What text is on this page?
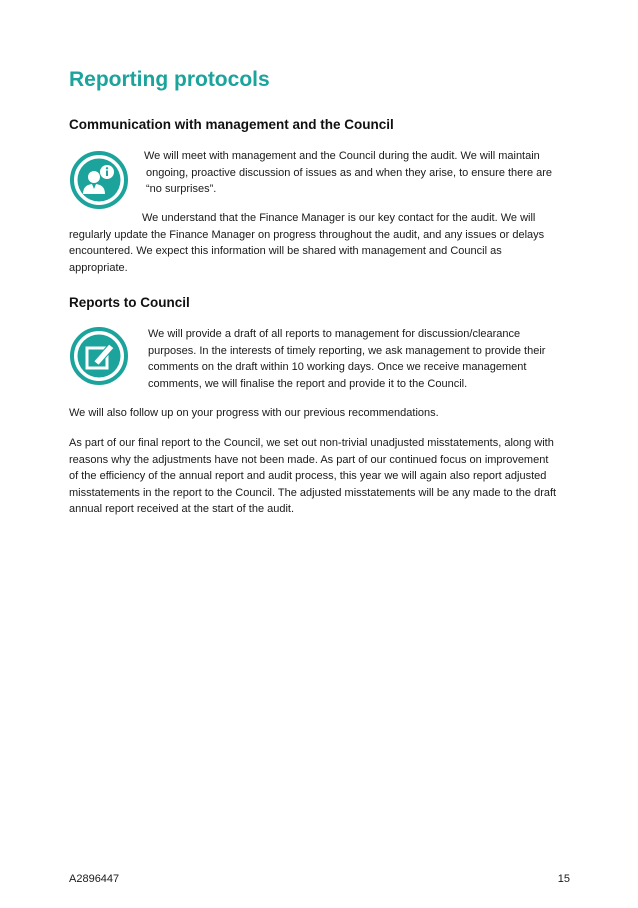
Reporting protocols
Communication with management and the Council
We will meet with management and the Council during the audit. We will maintain
ongoing, proactive discussion of issues as and when they arise, to ensure there are
“no surprises”.
We understand that the Finance Manager is our key contact for the audit. We will
regularly update the Finance Manager on progress throughout the audit, and any issues or delays
encountered. We expect this information will be shared with management and Council as
appropriate.
Reports to Council
We will provide a draft of all reports to management for discussion/clearance
purposes. In the interests of timely reporting, we ask management to provide their
comments on the draft within 10 working days. Once we receive management
comments, we will finalise the report and provide it to the Council.
We will also follow up on your progress with our previous recommendations.
As part of our final report to the Council, we set out non-trivial unadjusted misstatements, along with
reasons why the adjustments have not been made. As part of our continued focus on improvement
of the efficiency of the annual report and audit process, this year we will again also report adjusted
misstatements in the report to the Council. The adjusted misstatements will be any made to the draft
annual report received at the start of the audit.
A2896447	15
